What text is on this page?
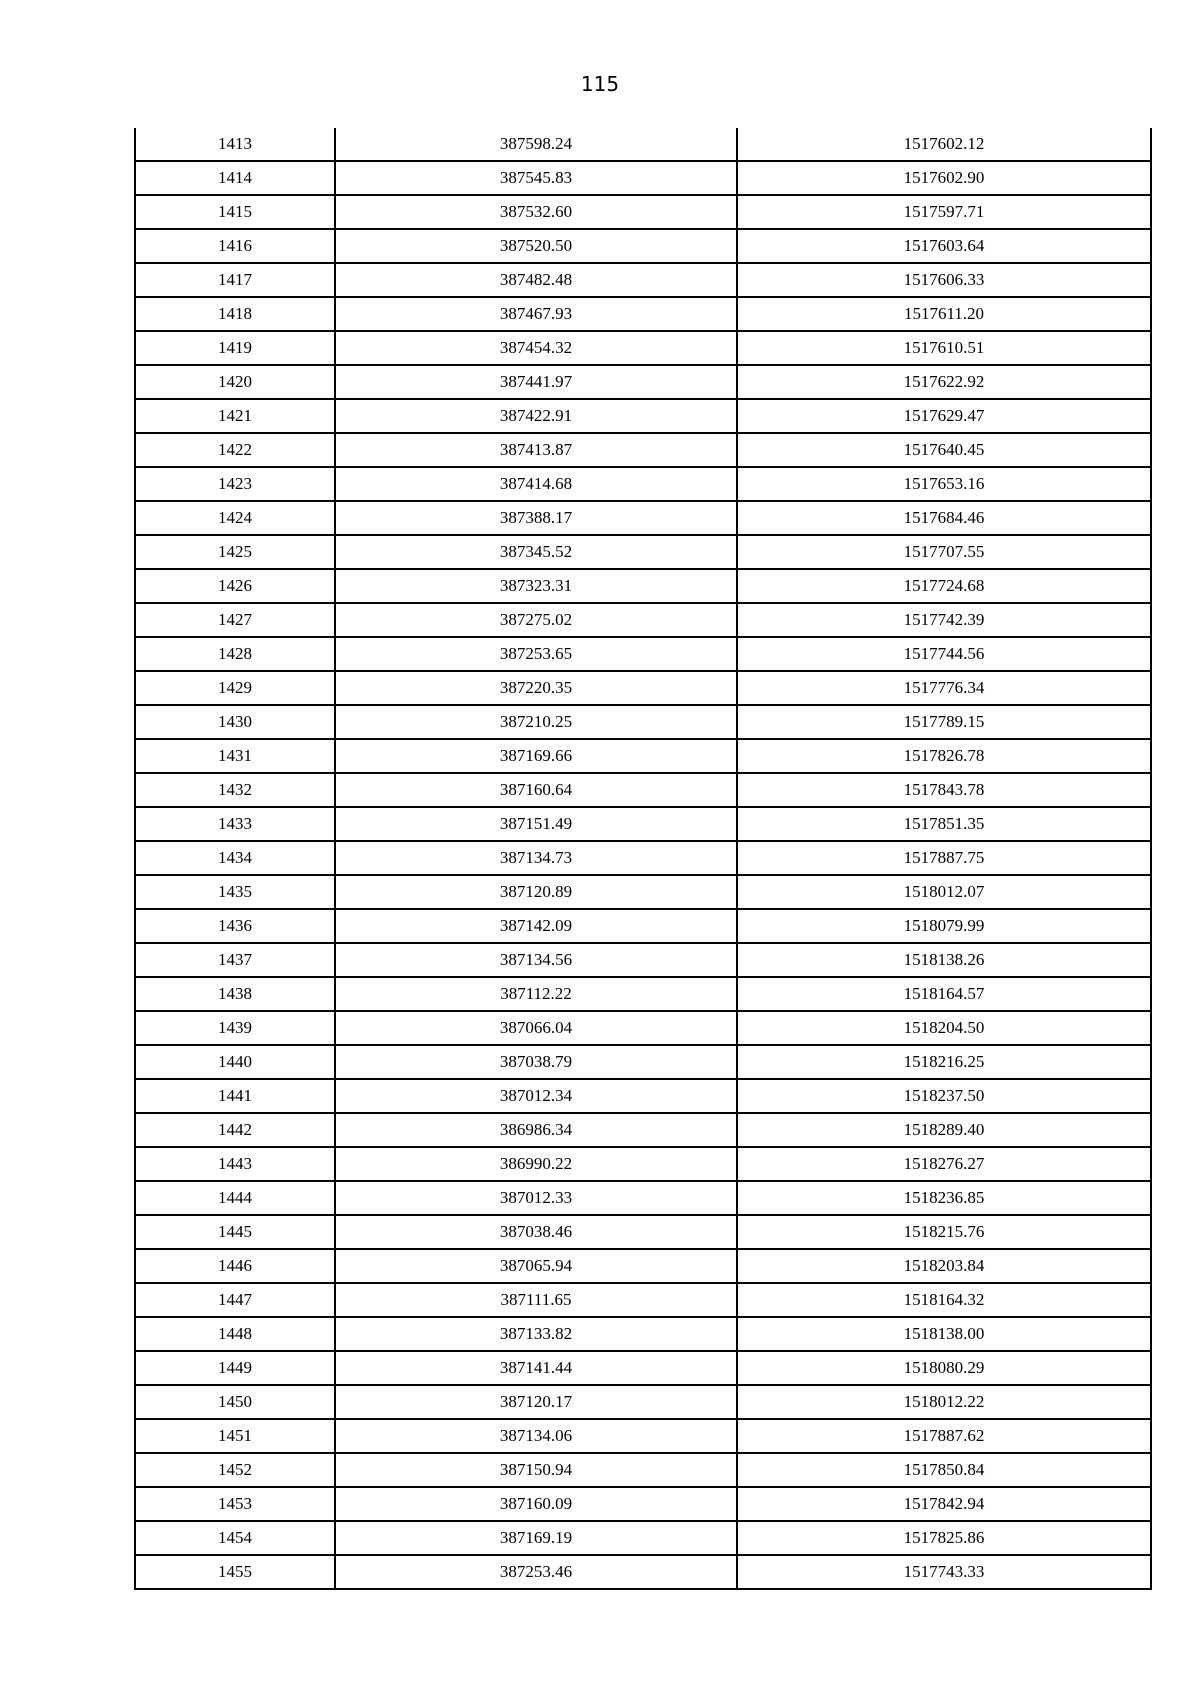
115
1413	387598.24	1517602.12
1414	387545.83	1517602.90
1415	387532.60	1517597.71
1416	387520.50	1517603.64
1417	387482.48	1517606.33
1418	387467.93	1517611.20
1419	387454.32	1517610.51
1420	387441.97	1517622.92
1421	387422.91	1517629.47
1422	387413.87	1517640.45
1423	387414.68	1517653.16
1424	387388.17	1517684.46
1425	387345.52	1517707.55
1426	387323.31	1517724.68
1427	387275.02	1517742.39
1428	387253.65	1517744.56
1429	387220.35	1517776.34
1430	387210.25	1517789.15
1431	387169.66	1517826.78
1432	387160.64	1517843.78
1433	387151.49	1517851.35
1434	387134.73	1517887.75
1435	387120.89	1518012.07
1436	387142.09	1518079.99
1437	387134.56	1518138.26
1438	387112.22	1518164.57
1439	387066.04	1518204.50
1440	387038.79	1518216.25
1441	387012.34	1518237.50
1442	386986.34	1518289.40
1443	386990.22	1518276.27
1444	387012.33	1518236.85
1445	387038.46	1518215.76
1446	387065.94	1518203.84
1447	387111.65	1518164.32
1448	387133.82	1518138.00
1449	387141.44	1518080.29
1450	387120.17	1518012.22
1451	387134.06	1517887.62
1452	387150.94	1517850.84
1453	387160.09	1517842.94
1454	387169.19	1517825.86
1455	387253.46	1517743.33
